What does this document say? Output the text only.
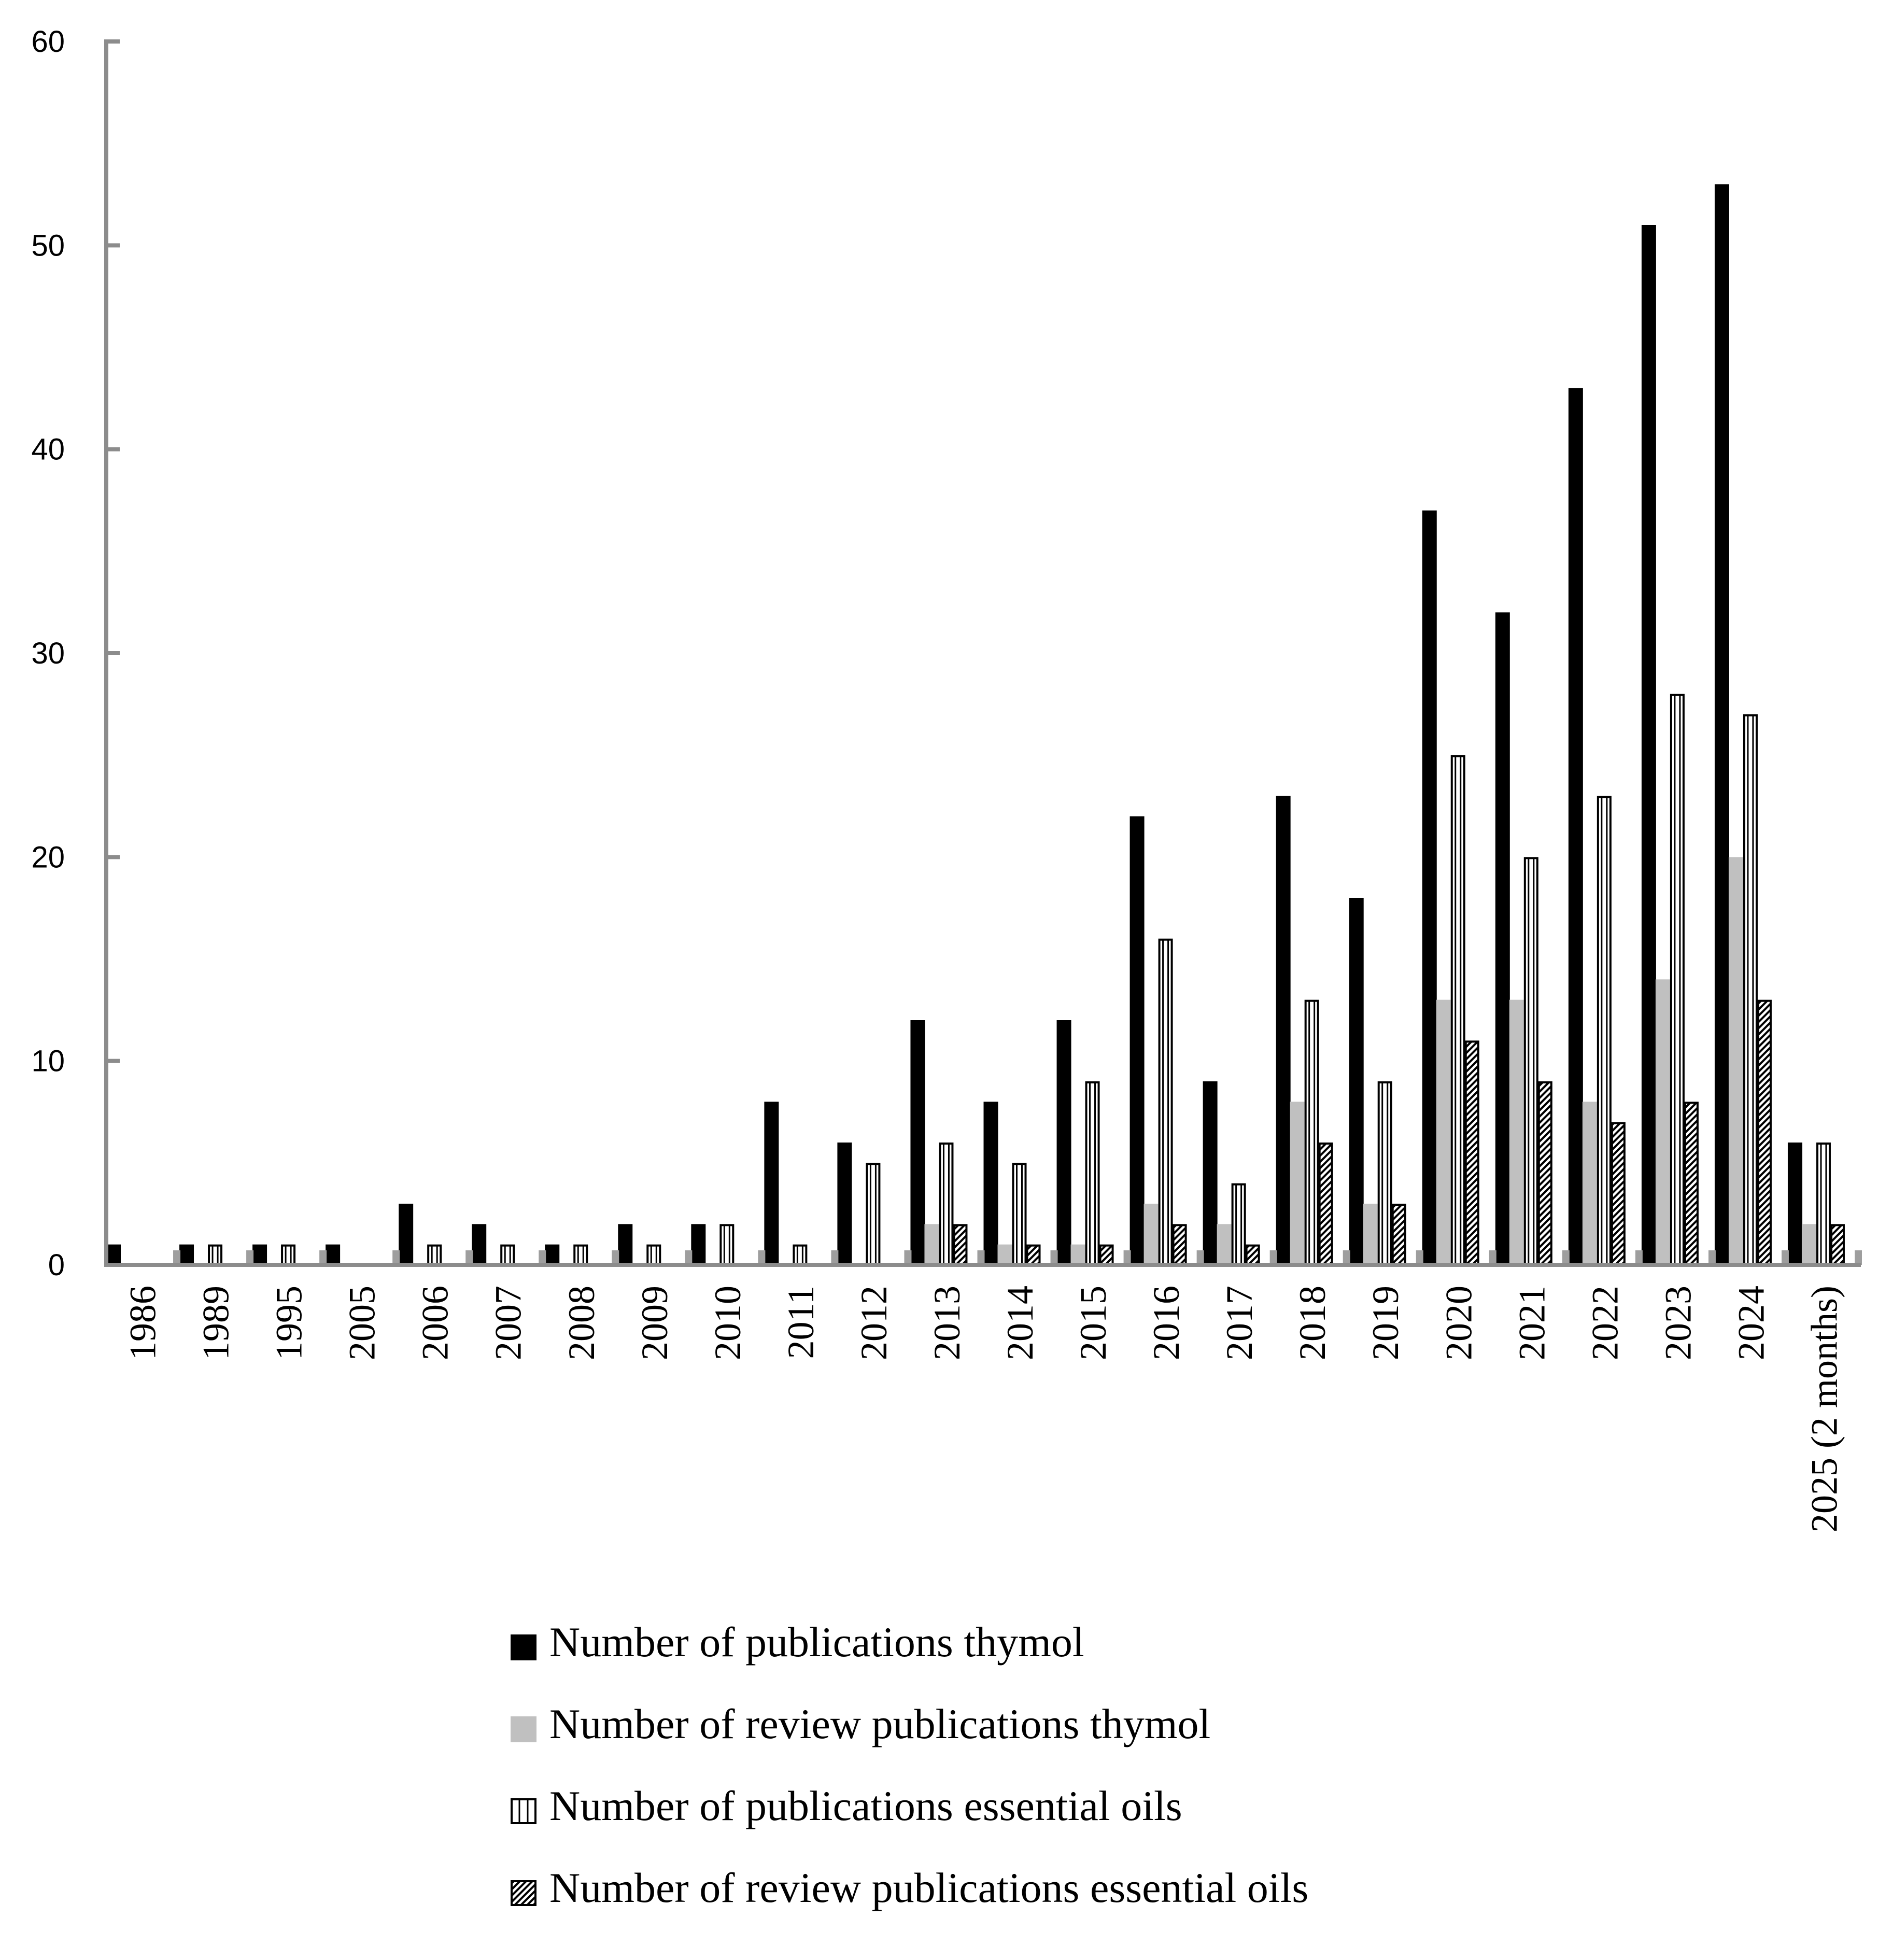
0
10
20
30
40
50
60
1986 1989 1995 2005 2006 2007 2008 2009 2010 2011 2012 2013 2014 2015 2016 2017 2018 2019 2020 2021 2022 2023 2024 2025 (2 months)
Number of publications thymol
Number of review publications thymol
Number of publications essential oils
Number of review publications essential oils
